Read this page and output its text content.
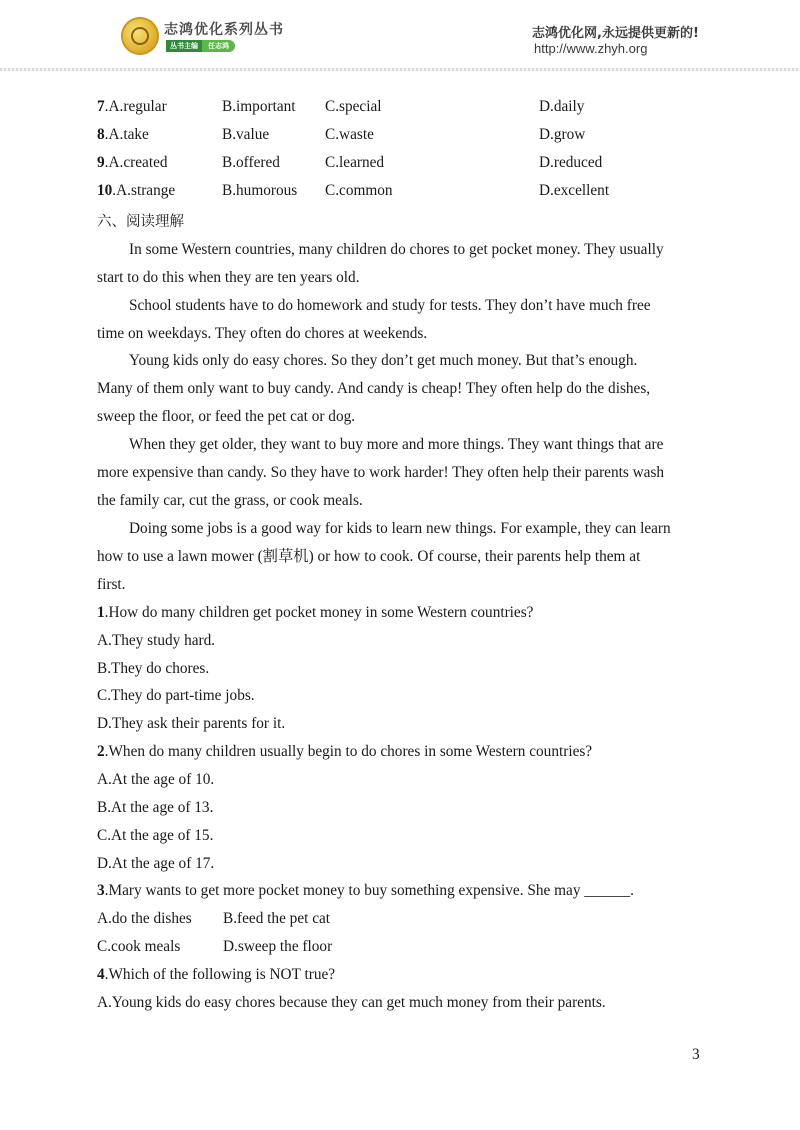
志鸿优化系列丛书
丛书主编	任志鸿
志鸿优化网,永远提供更新的!
http://www.zhyh.org
7.A.regular	B.important C.special	D.daily
8.A.take	B.value	C.waste	D.grow
9.A.created	B.offered	C.learned	D.reduced
10.A.strange	B.humorous C.common	D.excellent
六、阅读理解
In some Western countries, many children do chores to get pocket money. They usually
start to do this when they are ten years old.
School students have to do homework and study for tests. They don’t have much free
time on weekdays. They often do chores at weekends.
Young kids only do easy chores. So they don’t get much money. But that’s enough.
Many of them only want to buy candy. And candy is cheap! They often help do the dishes,
sweep the floor, or feed the pet cat or dog.
When they get older, they want to buy more and more things. They want things that are
more expensive than candy. So they have to work harder! They often help their parents wash
the family car, cut the grass, or cook meals.
Doing some jobs is a good way for kids to learn new things. For example, they can learn
how to use a lawn mower (割草机) or how to cook. Of course, their parents help them at
first.
1.How do many children get pocket money in some Western countries?
A.They study hard.
B.They do chores.
C.They do part-time jobs.
D.They ask their parents for it.
2.When do many children usually begin to do chores in some Western countries?
A.At the age of 10.
B.At the age of 13.
C.At the age of 15.
D.At the age of 17.
3.Mary wants to get more pocket money to buy something expensive. She may ______.
A.do the dishes B.feed the pet cat
C.cook meals	D.sweep the floor
4.Which of the following is NOT true?
A.Young kids do easy chores because they can get much money from their parents.
3
